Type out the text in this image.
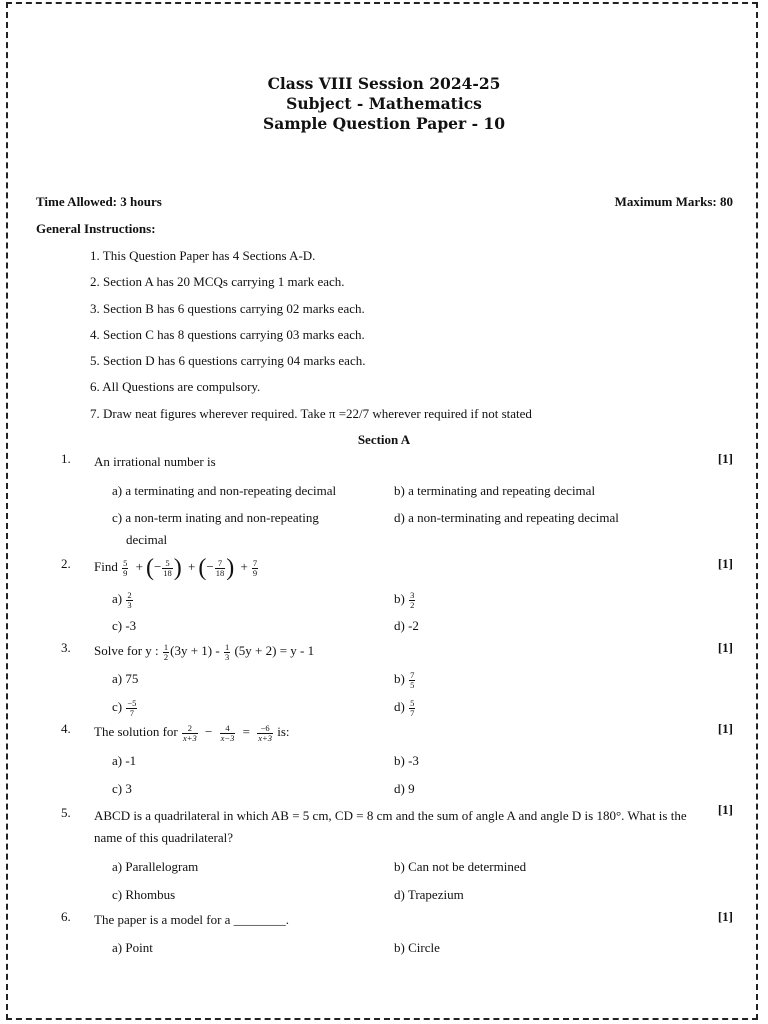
Class VIII Session 2024-25
Subject - Mathematics
Sample Question Paper - 10
Time Allowed: 3 hours	Maximum Marks: 80
General Instructions:
1. This Question Paper has 4 Sections A-D.
2. Section A has 20 MCQs carrying 1 mark each.
3. Section B has 6 questions carrying 02 marks each.
4. Section C has 8 questions carrying 03 marks each.
5. Section D has 6 questions carrying 04 marks each.
6. All Questions are compulsory.
7. Draw neat figures wherever required. Take π =22/7 wherever required if not stated
Section A
1. An irrational number is	[1]
a) a terminating and non-repeating decimal	b) a terminating and repeating decimal
c) a non-term inating and non-repeating decimal
d) a non-terminating and repeating decimal
2. Find $\frac{5}{9}$ + (− $\frac{5}{18}$ ) + (− $\frac{7}{18}$ ) + $\frac{7}{9}$	[1]
$a) \frac{2}{3}$	$b) \frac{3}{2}$
c) -3	d) -2
3. Solve for y : $\frac{1}{2} (3y + 1) - \frac{1}{3} (5y + 2) = y - 1$	[1]
a) 75	$b) \frac{7}{5}$
$c) \frac{-5}{7}$	$d) \frac{5}{7}$
4. The solution for $\frac{2}{x+3} - \frac{4}{x-3} = \frac{-6}{x+3}$ is:	[1]
a) -1	b) -3
c) 3	d) 9
5. ABCD is a quadrilateral in which AB = 5 cm, CD = 8 cm and the sum of angle A and angle D is 180°. What is the name of this quadrilateral?
[1]
a) Parallelogram	b) Can not be determined
c) Rhombus	d) Trapezium
6. The paper is a model for a ________.	[1]
a) Point	b) Circle
